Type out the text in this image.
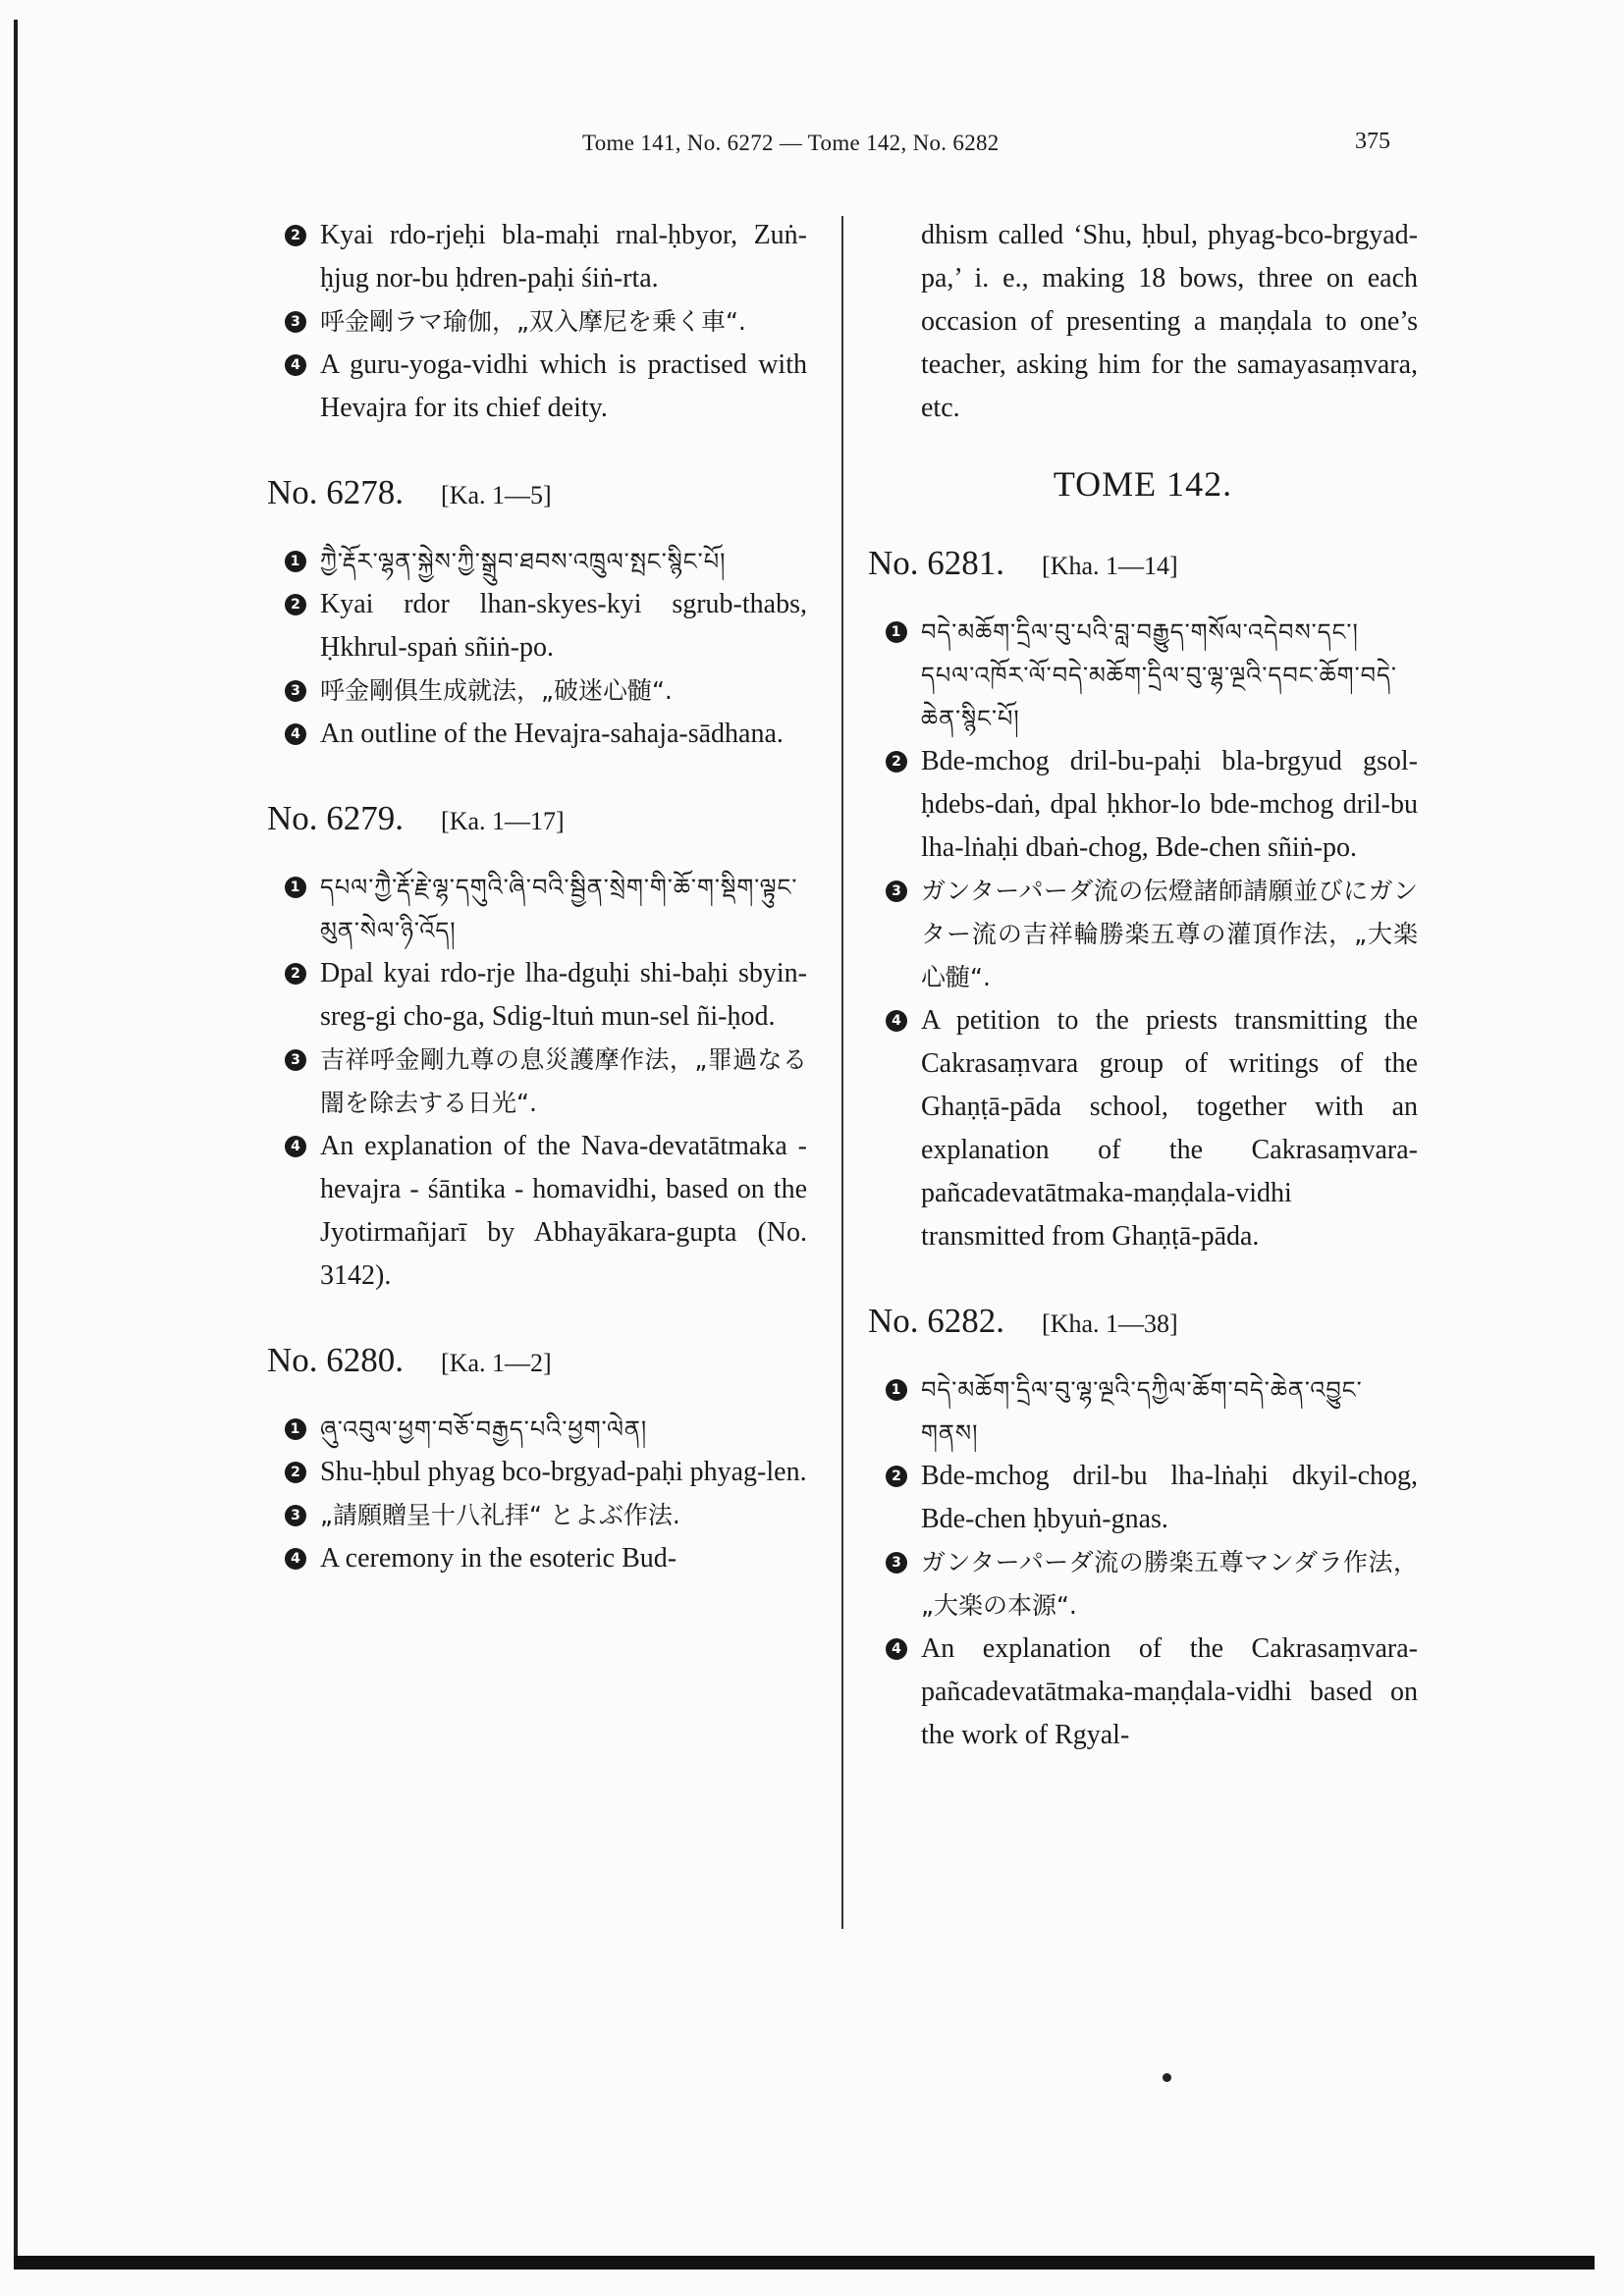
Tome 141, No. 6272 — Tome 142, No. 6282	375

2 Kyai rdo-rjeḥi bla-maḥi rnal-ḥbyor, Zuṅ-ḥjug nor-bu ḥdren-paḥi śiṅ-rta.

3 呼金剛ラマ瑜伽，„双入摩尼を乗く車“.

4 A guru-yoga-vidhi which is practised with Hevajra for its chief deity.

No. 6278. [Ka. 1—5]

1 ཀྱཻ་རྡོར་ལྷན་སྐྱེས་ཀྱི་སྒྲུབ་ཐབས་འཁྲུལ་སྤང་སྙིང་པོ།

2 Kyai rdor lhan-skyes-kyi sgrub-thabs, Ḥkhrul-spaṅ sñiṅ-po.

3 呼金剛俱生成就法，„破迷心髄“.

4 An outline of the Hevajra-sahaja-sādhana.

No. 6279. [Ka. 1—17]

1 དཔལ་ཀྱཻ་རྡོ་རྗེ་ལྷ་དགུའི་ཞི་བའི་སྦྱིན་སྲེག་གི་ཆོ་ག་སྡིག་ལྟུང་མུན་སེལ་ཉི་འོད།

2 Dpal kyai rdo-rje lha-dguḥi shi-baḥi sbyin-sreg-gi cho-ga, Sdig-ltuṅ mun-sel ñi-ḥod.

3 吉祥呼金剛九尊の息災護摩作法，„罪過なる闇を除去する日光“.

4 An explanation of the Nava-devatātmaka - hevajra - śāntika - homavidhi, based on the Jyotirmañjarī by Abhayākara-gupta (No. 3142).

No. 6280. [Ka. 1—2]

1 ཞུ་འབུལ་ཕྱག་བཅོ་བརྒྱད་པའི་ཕྱག་ལེན།

2 Shu-ḥbul phyag bco-brgyad-paḥi phyag-len.

3 „請願贈呈十八礼拝“ とよぶ作法.

4 A ceremony in the esoteric Bud-

dhism called ‘Shu, ḥbul, phyag-bco-brgyad-pa,’ i. e., making 18 bows, three on each occasion of presenting a maṇḍala to one’s teacher, asking him for the samayasaṃvara, etc.

TOME 142.
No. 6281. [Kha. 1—14]

1 བདེ་མཆོག་དྲིལ་བུ་པའི་བླ་བརྒྱུད་གསོལ་འདེབས་དང་། དཔལ་འཁོར་ལོ་བདེ་མཆོག་དྲིལ་བུ་ལྷ་ལྔའི་དབང་ཆོག་བདེ་ཆེན་སྙིང་པོ།

2 Bde-mchog dril-bu-paḥi bla-brgyud gsol-ḥdebs-daṅ, dpal ḥkhor-lo bde-mchog dril-bu lha-lṅaḥi dbaṅ-chog, Bde-chen sñiṅ-po.

3 ガンターパーダ流の伝燈諸師請願並びにガンター流の吉祥輪勝楽五尊の灌頂作法，„大楽心髄“.

4 A petition to the priests transmitting the Cakrasaṃvara group of writings of the Ghaṇṭā-pāda school, together with an explanation of the Cakrasaṃvara-pañcadevatātmaka-maṇḍala-vidhi transmitted from Ghaṇṭā-pāda.

No. 6282. [Kha. 1—38]

1 བདེ་མཆོག་དྲིལ་བུ་ལྷ་ལྔའི་དཀྱིལ་ཆོག་བདེ་ཆེན་འབྱུང་གནས།

2 Bde-mchog dril-bu lha-lṅaḥi dkyil-chog, Bde-chen ḥbyuṅ-gnas.

3 ガンターパーダ流の勝楽五尊マンダラ作法，„大楽の本源“.

4 An explanation of the Cakrasaṃvara-pañcadevatātmaka-maṇḍala-vidhi based on the work of Rgyal-
